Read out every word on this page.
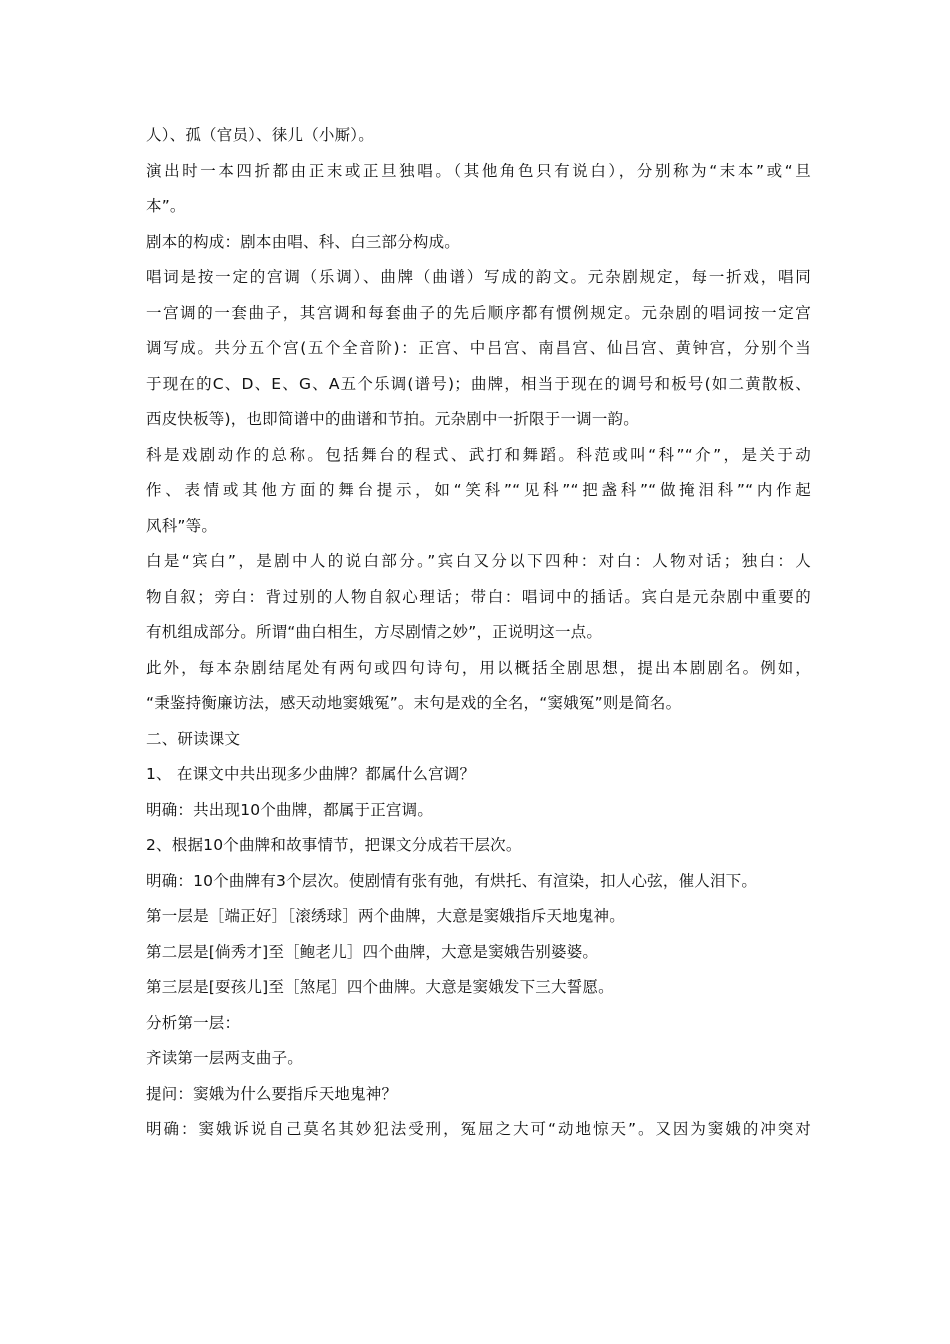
人）、孤（官员）、徕儿（小厮）。
演出时一本四折都由正末或正旦独唱。（其他角色只有说白），分别称为“末本”或“旦
本”。
剧本的构成：剧本由唱、科、白三部分构成。
唱词是按一定的宫调（乐调）、曲牌（曲谱）写成的韵文。元杂剧规定，每一折戏，唱同
一宫调的一套曲子，其宫调和每套曲子的先后顺序都有惯例规定。元杂剧的唱词按一定宫
调写成。共分五个宫(五个全音阶)：正宫、中吕宫、南昌宫、仙吕宫、黄钟宫，分别个当
于现在的C、D、E、G、A五个乐调(谱号)；曲牌，相当于现在的调号和板号(如二黄散板、
西皮快板等)，也即简谱中的曲谱和节拍。元杂剧中一折限于一调一韵。
科是戏剧动作的总称。包括舞台的程式、武打和舞蹈。科范或叫“科”“介”，是关于动
作、表情或其他方面的舞台提示，如“笑科”“见科”“把盏科”“做掩泪科”“内作起
风科”等。
白是“宾白”，是剧中人的说白部分。”宾白又分以下四种：对白：人物对话；独白：人
物自叙；旁白：背过别的人物自叙心理话；带白：唱词中的插话。宾白是元杂剧中重要的
有机组成部分。所谓“曲白相生，方尽剧情之妙”，正说明这一点。
此外，每本杂剧结尾处有两句或四句诗句，用以概括全剧思想，提出本剧剧名。例如，
“秉鉴持衡廉访法，感天动地窦娥冤”。末句是戏的全名，“窦娥冤”则是简名。
二、研读课文
1、 在课文中共出现多少曲牌？都属什么宫调？
明确：共出现10个曲牌，都属于正宫调。
2、根据10个曲牌和故事情节，把课文分成若干层次。
明确：10个曲牌有3个层次。使剧情有张有弛，有烘托、有渲染，扣人心弦，催人泪下。
第一层是［端正好］［滚绣球］两个曲牌，大意是窦娥指斥天地鬼神。
第二层是[倘秀才]至［鲍老儿］四个曲牌，大意是窦娥告别婆婆。
第三层是[耍孩儿]至［煞尾］四个曲牌。大意是窦娥发下三大誓愿。
分析第一层：
齐读第一层两支曲子。
提问：窦娥为什么要指斥天地鬼神？
明确：窦娥诉说自己莫名其妙犯法受刑，冤屈之大可“动地惊天”。又因为窦娥的冲突对
